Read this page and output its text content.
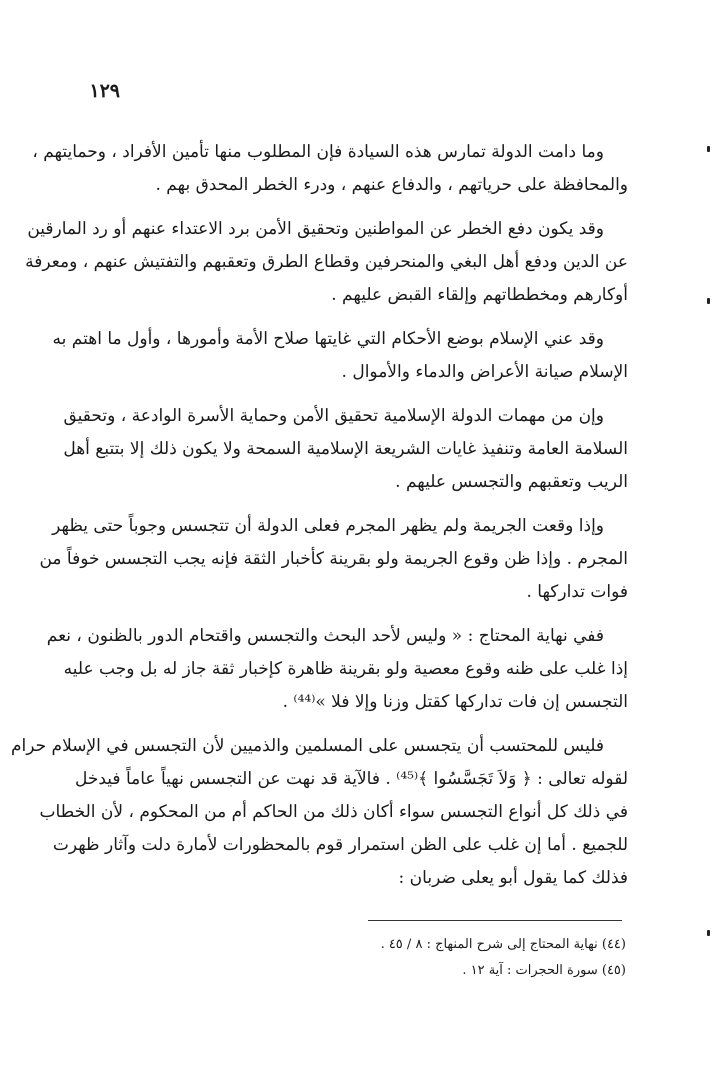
١٢٩
وما دامت الدولة تمارس هذه السيادة فإن المطلوب منها تأمين الأفراد ، وحمايتهم ،
والمحافظة على حرياتهم ، والدفاع عنهم ، ودرء الخطر المحدق بهم .
وقد يكون دفع الخطر عن المواطنين وتحقيق الأمن برد الاعتداء عنهم أو رد المارقين
عن الدين ودفع أهل البغي والمنحرفين وقطاع الطرق وتعقبهم والتفتيش عنهم ، ومعرفة
أوكارهم ومخططاتهم وإلقاء القبض عليهم .
وقد عني الإسلام بوضع الأحكام التي غايتها صلاح الأمة وأمورها ، وأول ما اهتم به
الإسلام صيانة الأعراض والدماء والأموال .
وإن من مهمات الدولة الإسلامية تحقيق الأمن وحماية الأسرة الوادعة ، وتحقيق
السلامة العامة وتنفيذ غايات الشريعة الإسلامية السمحة ولا يكون ذلك إلا بتتبع أهل
الريب وتعقبهم والتجسس عليهم .
وإذا وقعت الجريمة ولم يظهر المجرم فعلى الدولة أن تتجسس وجوباً حتى يظهر
المجرم . وإذا ظن وقوع الجريمة ولو بقرينة كأخبار الثقة فإنه يجب التجسس خوفاً من
فوات تداركها .
ففي نهاية المحتاج : « وليس لأحد البحث والتجسس واقتحام الدور بالظنون ، نعم
إذا غلب على ظنه وقوع معصية ولو بقرينة ظاهرة كإخبار ثقة جاز له بل وجب عليه
التجسس إن فات تداركها كقتل وزنا وإلا فلا »⁽⁴⁴⁾ .
فليس للمحتسب أن يتجسس على المسلمين والذميين لأن التجسس في الإسلام حرام
لقوله تعالى : ﴿ وَلاَ تَجَسَّسُوا ﴾⁽⁴⁵⁾ . فالآية قد نهت عن التجسس نهياً عاماً فيدخل
في ذلك كل أنواع التجسس سواء أكان ذلك من الحاكم أم من المحكوم ، لأن الخطاب
للجميع . أما إن غلب على الظن استمرار قوم بالمحظورات لأمارة دلت وآثار ظهرت
فذلك كما يقول أبو يعلى ضربان :
(٤٤) نهاية المحتاج إلى شرح المنهاج : ٨ / ٤٥ .
(٤٥) سورة الحجرات : آية ١٢ .
